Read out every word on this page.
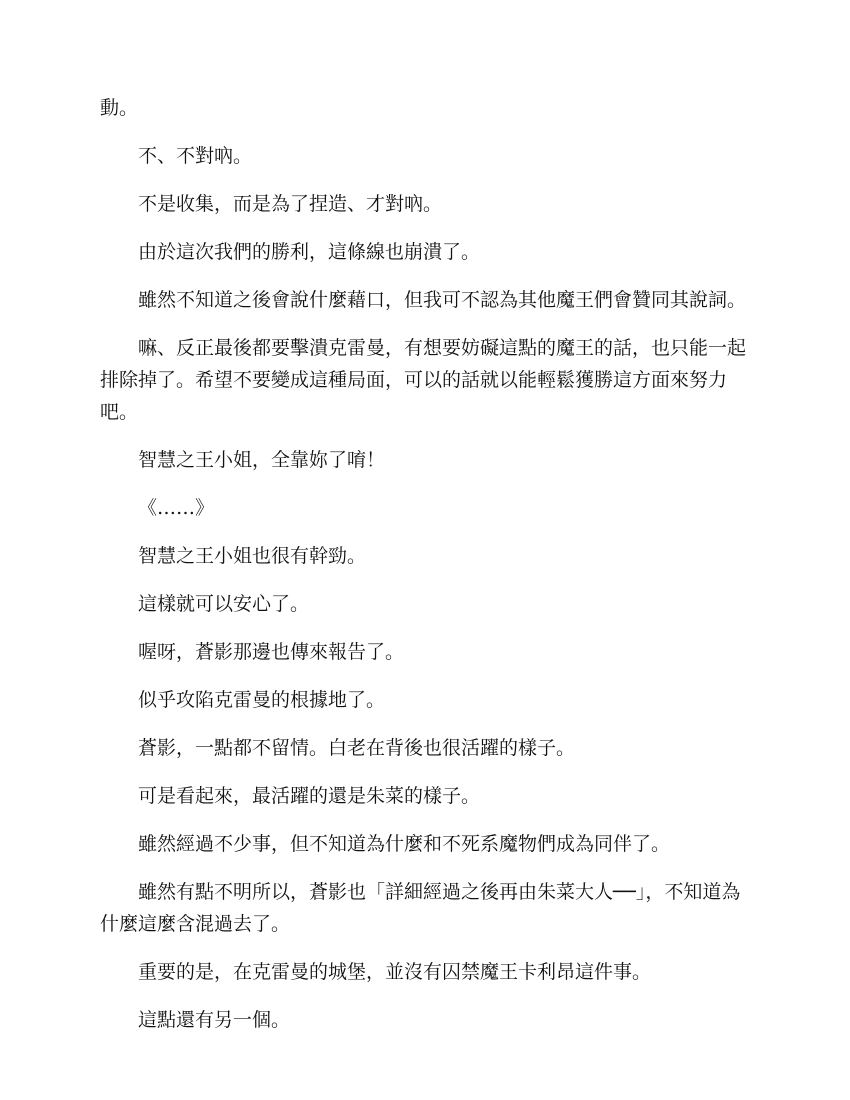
動。

不、不對吶。

不是收集，而是為了捏造、才對吶。

由於這次我們的勝利，這條線也崩潰了。

雖然不知道之後會說什麼藉口，但我可不認為其他魔王們會贊同其說詞。

嘛、反正最後都要擊潰克雷曼，有想要妨礙這點的魔王的話，也只能一起排除掉了。希望不要變成這種局面，可以的話就以能輕鬆獲勝這方面來努力吧。

智慧之王小姐，全靠妳了唷！

《……》

智慧之王小姐也很有幹勁。

這樣就可以安心了。

喔呀，蒼影那邊也傳來報告了。

似乎攻陷克雷曼的根據地了。

蒼影，一點都不留情。白老在背後也很活躍的樣子。

可是看起來，最活躍的還是朱菜的樣子。

雖然經過不少事，但不知道為什麼和不死系魔物們成為同伴了。

雖然有點不明所以，蒼影也「詳細經過之後再由朱菜大人──」，不知道為什麼這麼含混過去了。

重要的是，在克雷曼的城堡，並沒有囚禁魔王卡利昂這件事。

這點還有另一個。
